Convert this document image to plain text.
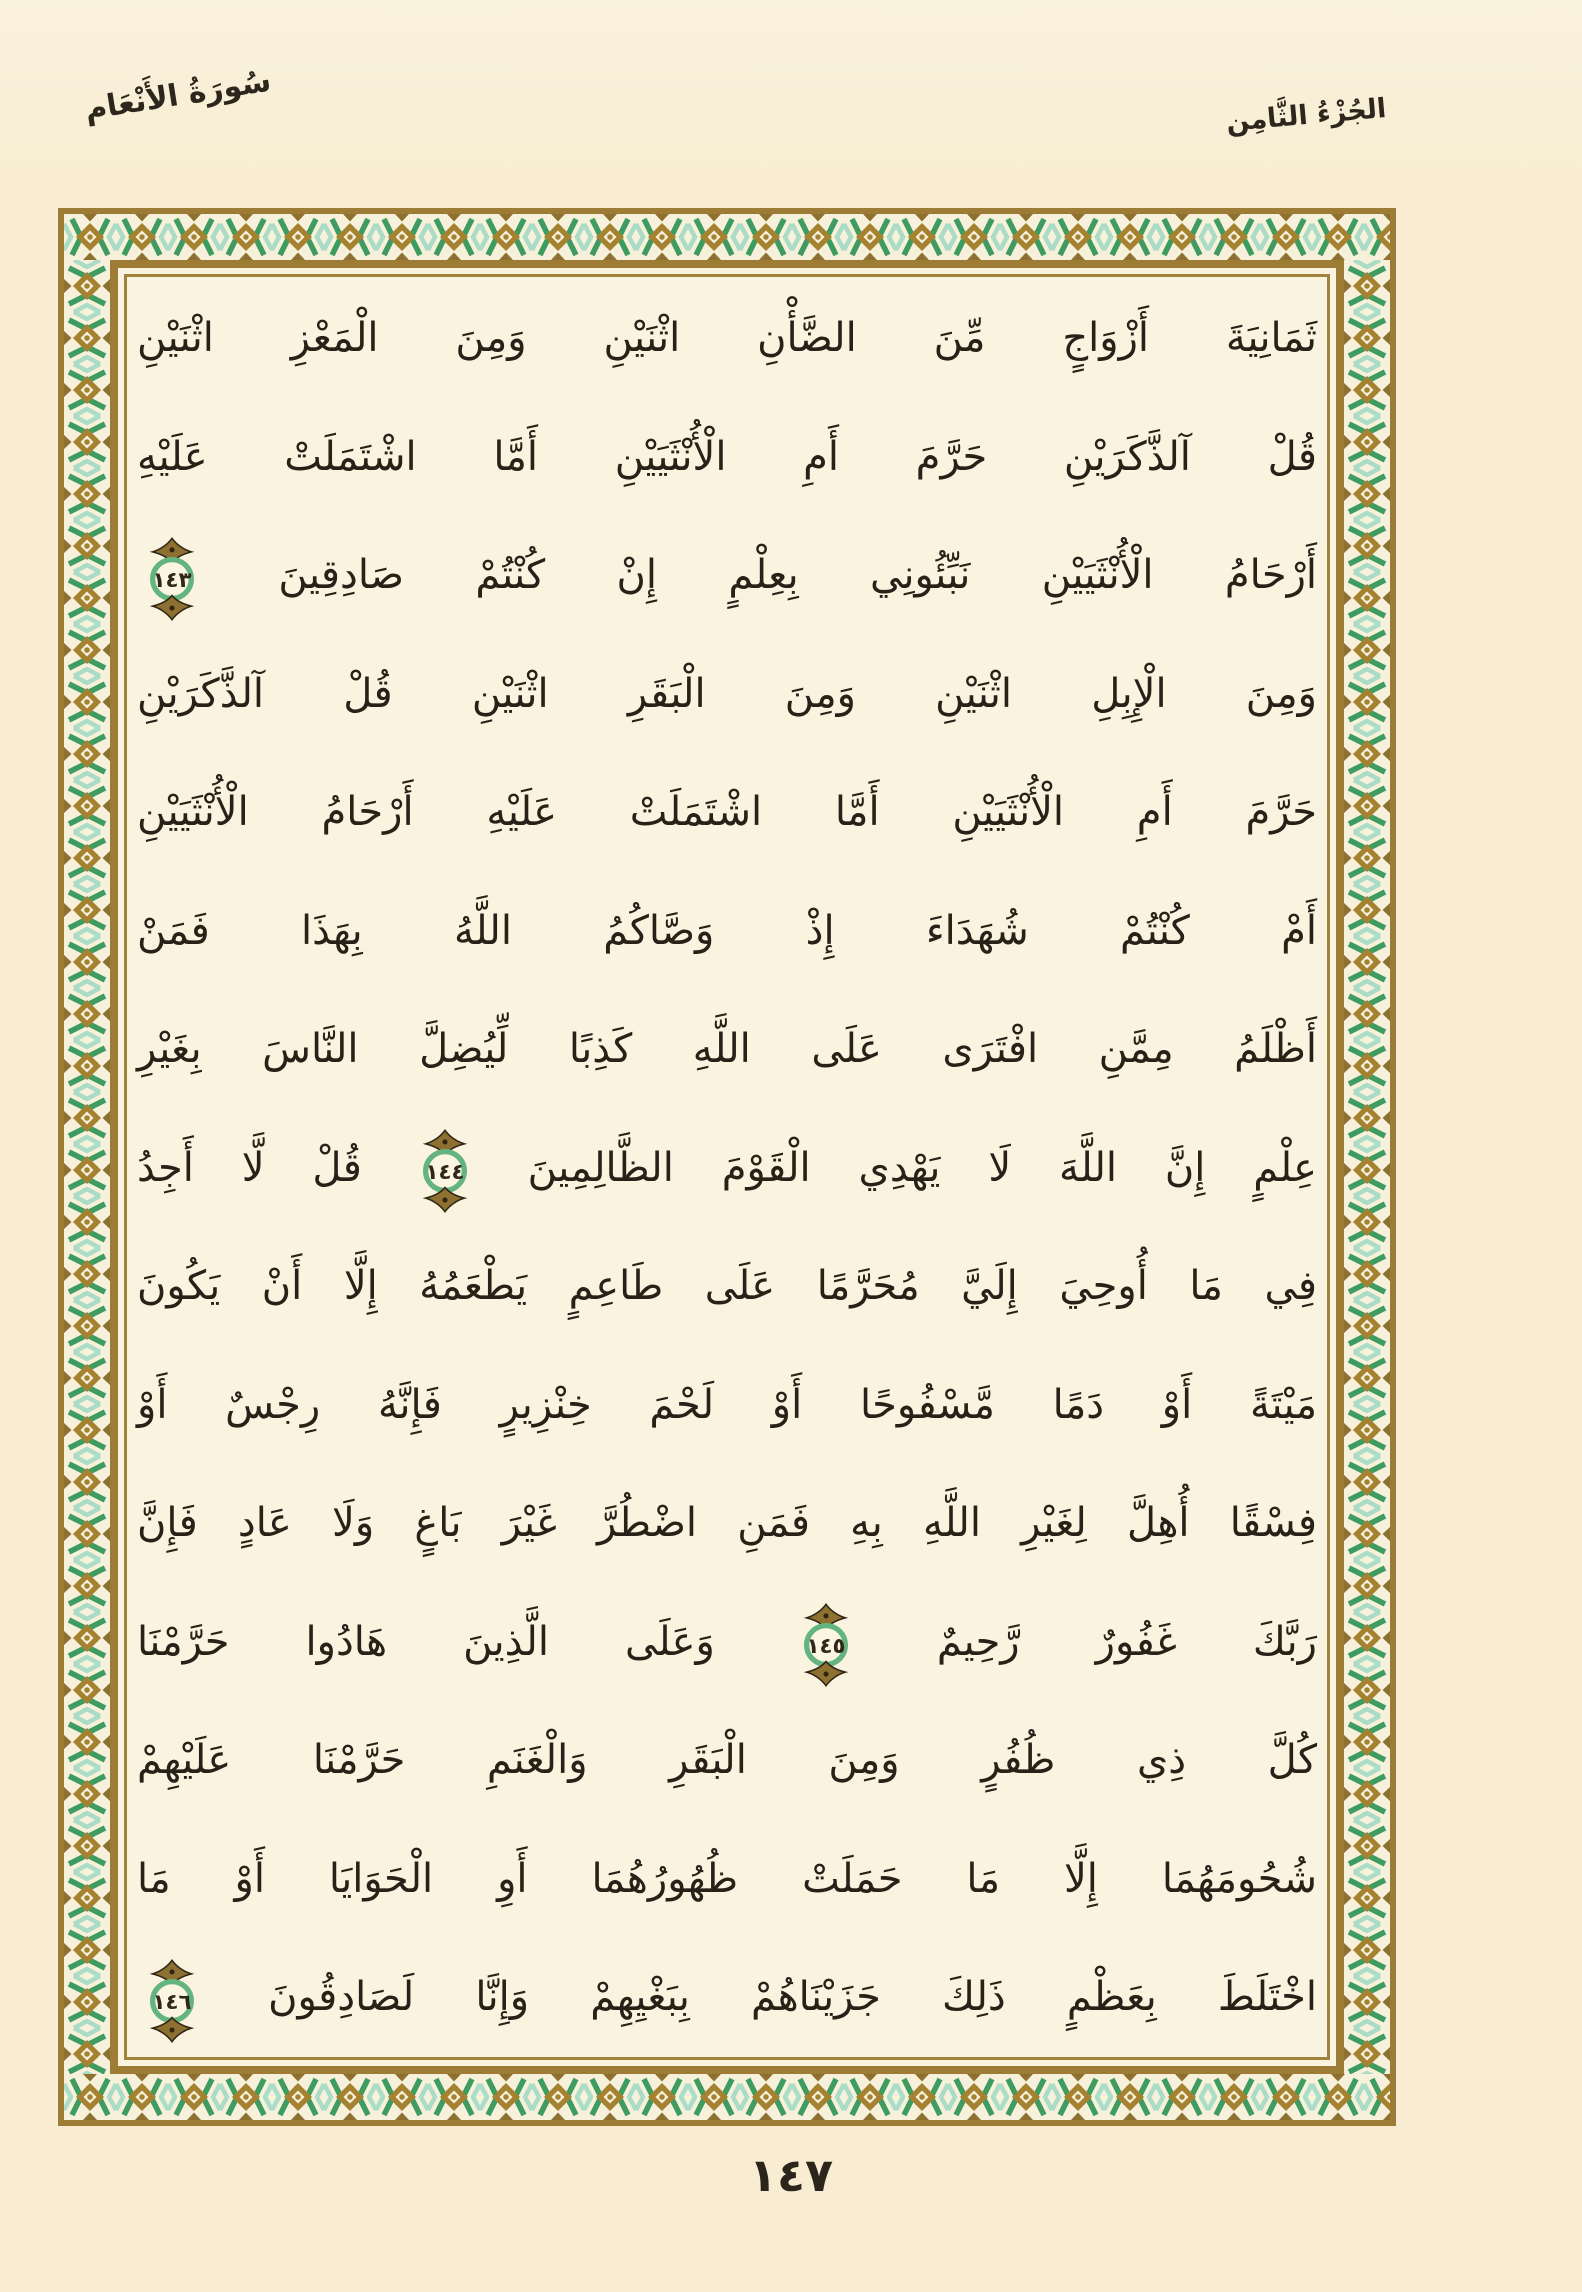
سُورَةُ الأَنْعَام	الجُزْءُ الثَّامِن
ثَمَانِيَةَ أَزْوَاجٍ مِّنَ الضَّأْنِ اثْنَيْنِ وَمِنَ الْمَعْزِ اثْنَيْنِ
قُلْ آلذَّكَرَيْنِ حَرَّمَ أَمِ الْأُنْثَيَيْنِ أَمَّا اشْتَمَلَتْ عَلَيْهِ
أَرْحَامُ الْأُنْثَيَيْنِ نَبِّئُونِي بِعِلْمٍ إِنْ كُنْتُمْ صَادِقِينَ
١٤٣
وَمِنَ الْإِبِلِ اثْنَيْنِ وَمِنَ الْبَقَرِ اثْنَيْنِ قُلْ آلذَّكَرَيْنِ
حَرَّمَ أَمِ الْأُنْثَيَيْنِ أَمَّا اشْتَمَلَتْ عَلَيْهِ أَرْحَامُ الْأُنْثَيَيْنِ
أَمْ كُنْتُمْ شُهَدَاءَ إِذْ وَصَّاكُمُ اللَّهُ بِهَذَا فَمَنْ
أَظْلَمُ مِمَّنِ افْتَرَى عَلَى اللَّهِ كَذِبًا لِّيُضِلَّ النَّاسَ بِغَيْرِ
عِلْمٍ إِنَّ اللَّهَ لَا يَهْدِي الْقَوْمَ الظَّالِمِينَ
١٤٤
قُلْ لَّا أَجِدُ
فِي مَا أُوحِيَ إِلَيَّ مُحَرَّمًا عَلَى طَاعِمٍ يَطْعَمُهُ إِلَّا أَنْ يَكُونَ
مَيْتَةً أَوْ دَمًا مَّسْفُوحًا أَوْ لَحْمَ خِنْزِيرٍ فَإِنَّهُ رِجْسٌ أَوْ
فِسْقًا أُهِلَّ لِغَيْرِ اللَّهِ بِهِ فَمَنِ اضْطُرَّ غَيْرَ بَاغٍ وَلَا عَادٍ فَإِنَّ
رَبَّكَ غَفُورٌ رَّحِيمٌ
١٤٥
وَعَلَى الَّذِينَ هَادُوا حَرَّمْنَا
كُلَّ ذِي ظُفُرٍ وَمِنَ الْبَقَرِ وَالْغَنَمِ حَرَّمْنَا عَلَيْهِمْ
شُحُومَهُمَا إِلَّا مَا حَمَلَتْ ظُهُورُهُمَا أَوِ الْحَوَايَا أَوْ مَا
اخْتَلَطَ بِعَظْمٍ ذَلِكَ جَزَيْنَاهُمْ بِبَغْيِهِمْ وَإِنَّا لَصَادِقُونَ
١٤٦
١٤٧
